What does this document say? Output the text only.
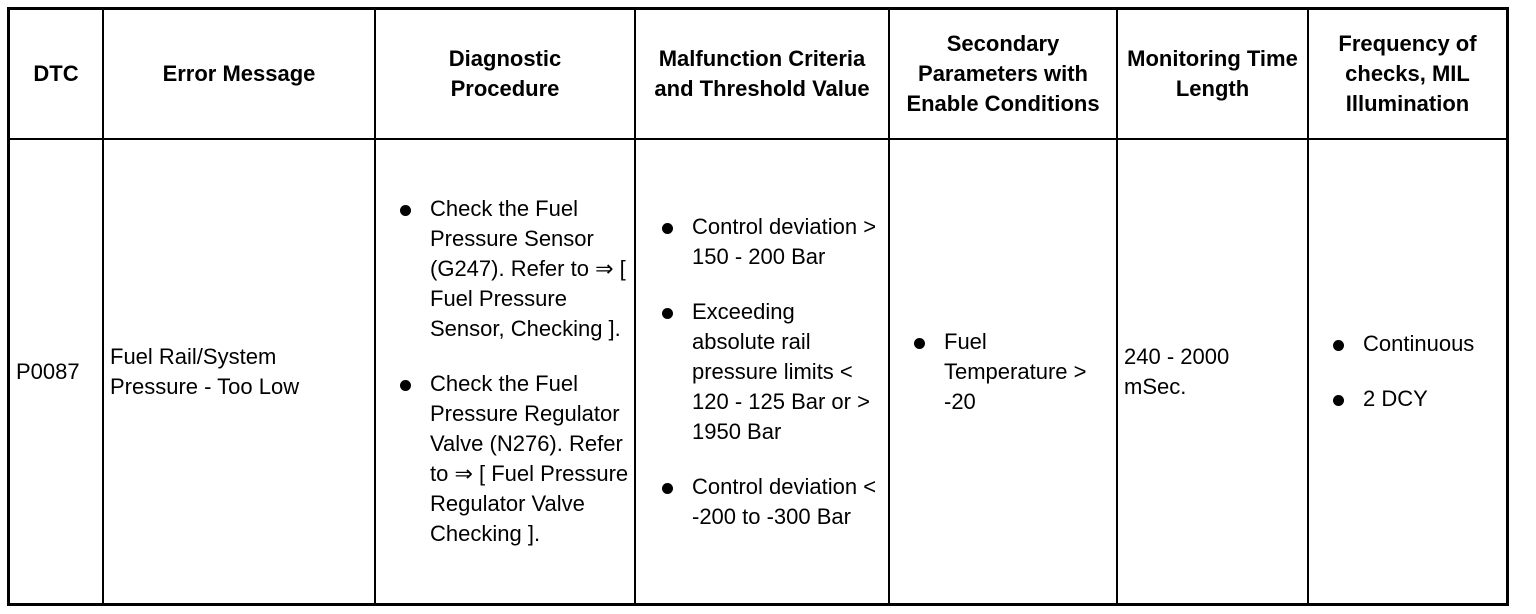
DTC	Error Message
Diagnostic Procedure
Malfunction Criteria and Threshold Value
Secondary Parameters with Enable Conditions
Monitoring Time Length
Frequency of checks, MIL Illumination
P0087
Fuel Rail/System Pressure - Too Low
Check the Fuel Pressure Sensor (G247). Refer to ⇒ [ Fuel Pressure Sensor, Checking ].
Check the Fuel Pressure Regulator Valve (N276). Refer to ⇒ [ Fuel Pressure Regulator Valve Checking ].
Control deviation > 150 - 200 Bar
Exceeding absolute rail pressure limits < 120 - 125 Bar or > 1950 Bar
Control deviation < -200 to -300 Bar
Fuel Temperature > -20
240 - 2000 mSec.
Continuous
2 DCY
